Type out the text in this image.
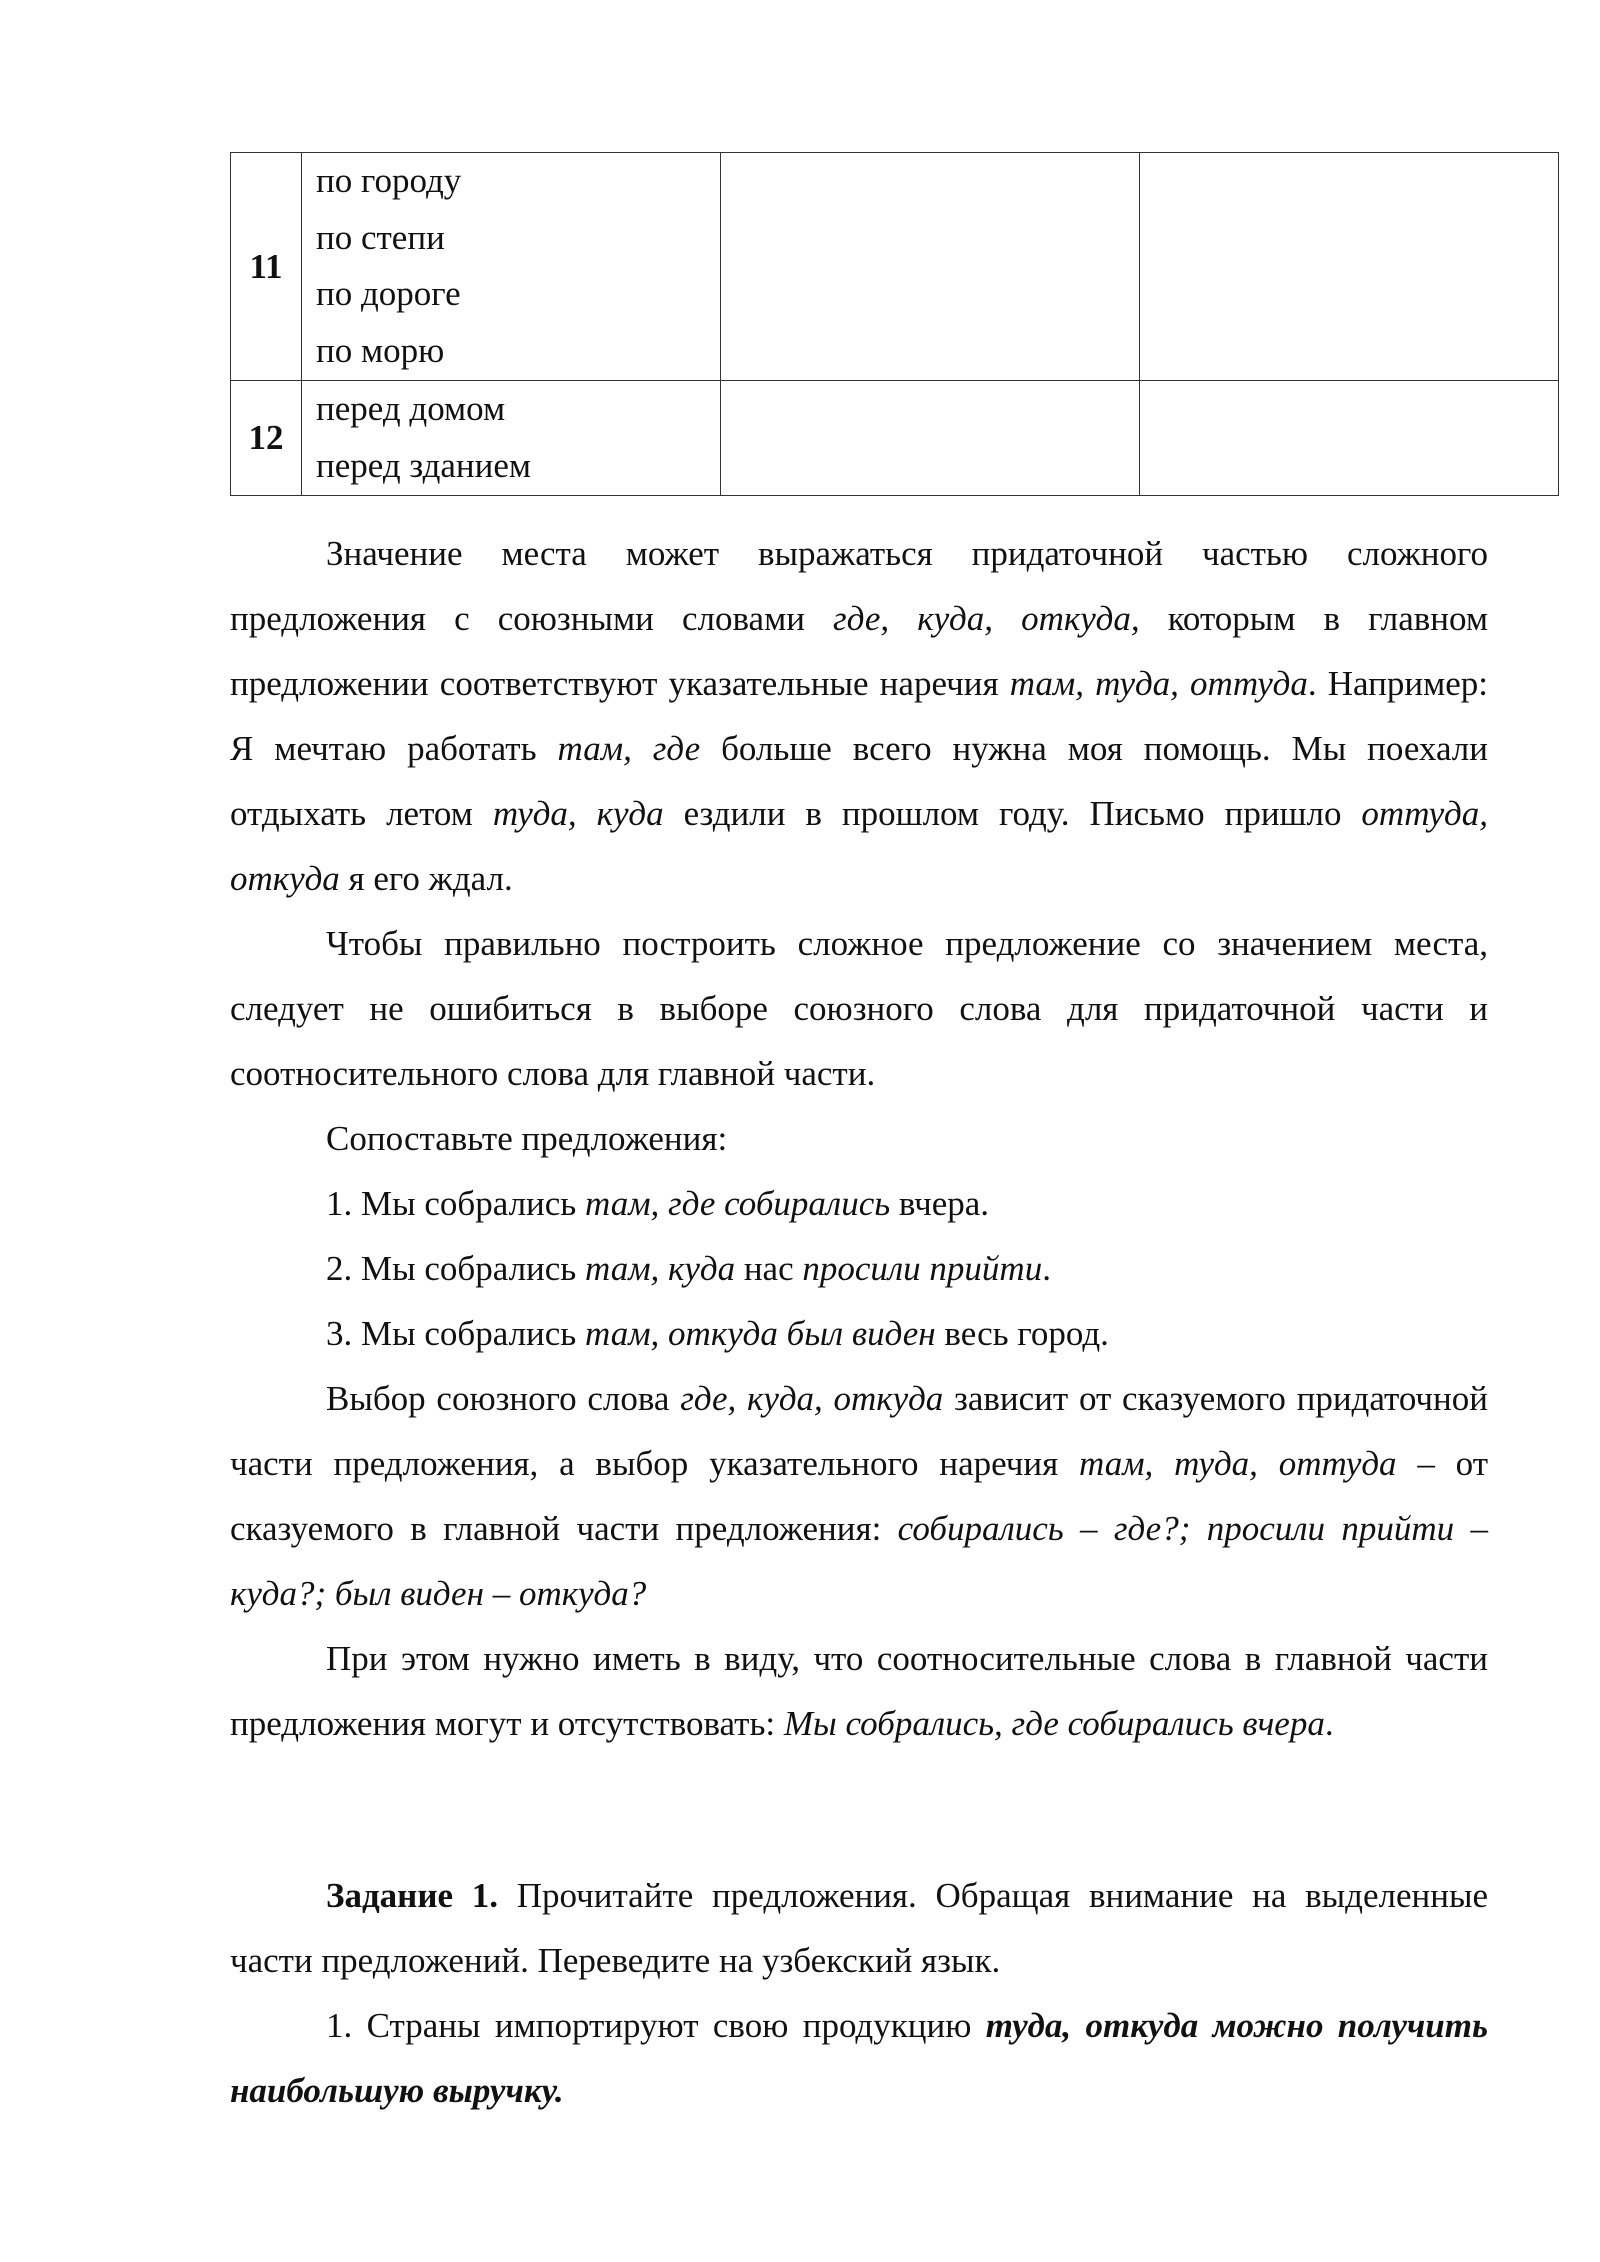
11	по городу
по степи
по дороге
по морю		

12	перед домом
перед зданием		

Значение места может выражаться придаточной частью сложного предложения с союзными словами где, куда, откуда, которым в главном предложении соответствуют указательные наречия там, туда, оттуда. Например: Я мечтаю работать там, где больше всего нужна моя помощь. Мы поехали отдыхать летом туда, куда ездили в прошлом году. Письмо пришло оттуда, откуда я его ждал.

Чтобы правильно построить сложное предложение со значением места, следует не ошибиться в выборе союзного слова для придаточной части и соотносительного слова для главной части.

Сопоставьте предложения:

1. Мы собрались там, где собирались вчера.

2. Мы собрались там, куда нас просили прийти.

3. Мы собрались там, откуда был виден весь город.

Выбор союзного слова где, куда, откуда зависит от сказуемого придаточной части предложения, а выбор указательного наречия там, туда, оттуда – от сказуемого в главной части предложения: собирались – где?; просили прийти – куда?; был виден – откуда?

При этом нужно иметь в виду, что соотносительные слова в главной части предложения могут и отсутствовать: Мы собрались, где собирались вчера.

Задание 1. Прочитайте предложения. Обращая внимание на выделенные части предложений. Переведите на узбекский язык.

1. Страны импортируют свою продукцию туда, откуда можно получить наибольшую выручку.
